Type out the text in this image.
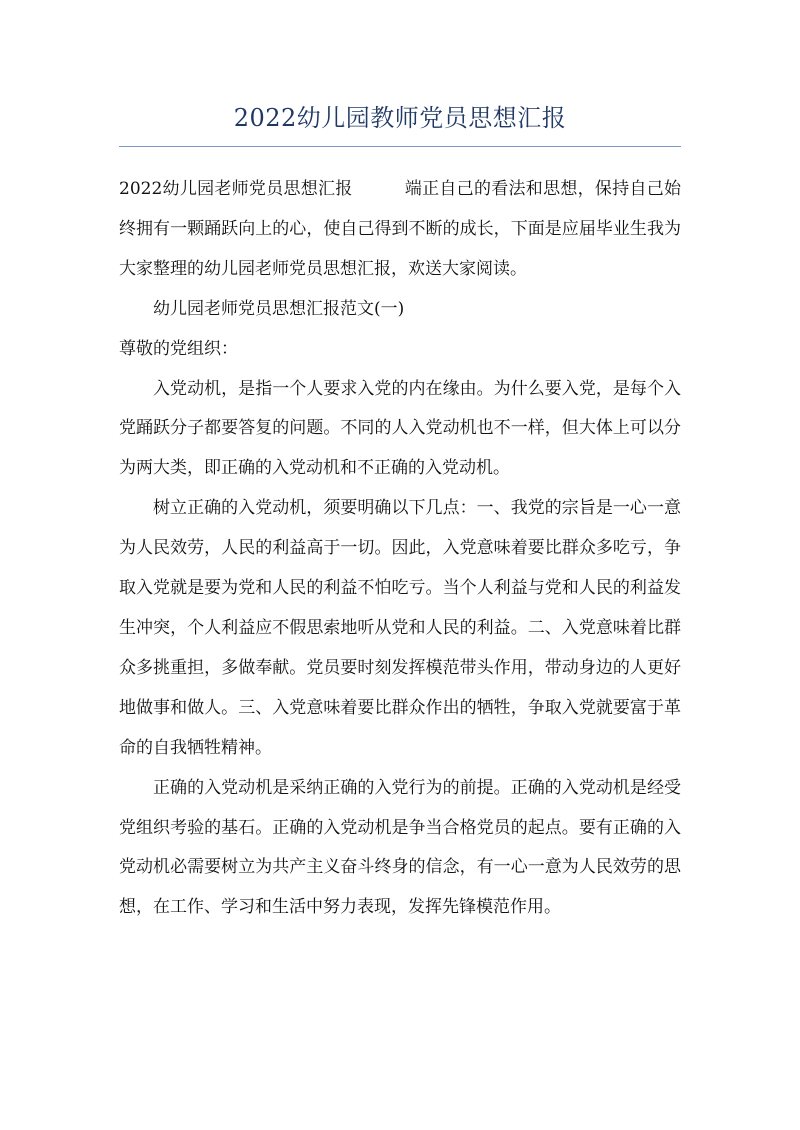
2022幼儿园教师党员思想汇报

2022幼儿园老师党员思想汇报	端正自己的看法和思想，保持自己始终拥有一颗踊跃向上的心，使自己得到不断的成长，下面是应届毕业生我为大家整理的幼儿园老师党员思想汇报，欢送大家阅读。

幼儿园老师党员思想汇报范文(一)

尊敬的党组织：

入党动机，是指一个人要求入党的内在缘由。为什么要入党，是每个入党踊跃分子都要答复的问题。不同的人入党动机也不一样，但大体上可以分为两大类，即正确的入党动机和不正确的入党动机。

树立正确的入党动机，须要明确以下几点：一、我党的宗旨是一心一意为人民效劳，人民的利益高于一切。因此，入党意味着要比群众多吃亏，争取入党就是要为党和人民的利益不怕吃亏。当个人利益与党和人民的利益发生冲突，个人利益应不假思索地听从党和人民的利益。二、入党意味着比群众多挑重担，多做奉献。党员要时刻发挥模范带头作用，带动身边的人更好地做事和做人。三、入党意味着要比群众作出的牺牲，争取入党就要富于革命的自我牺牲精神。

正确的入党动机是采纳正确的入党行为的前提。正确的入党动机是经受党组织考验的基石。正确的入党动机是争当合格党员的起点。要有正确的入党动机必需要树立为共产主义奋斗终身的信念，有一心一意为人民效劳的思想，在工作、学习和生活中努力表现，发挥先锋模范作用。
